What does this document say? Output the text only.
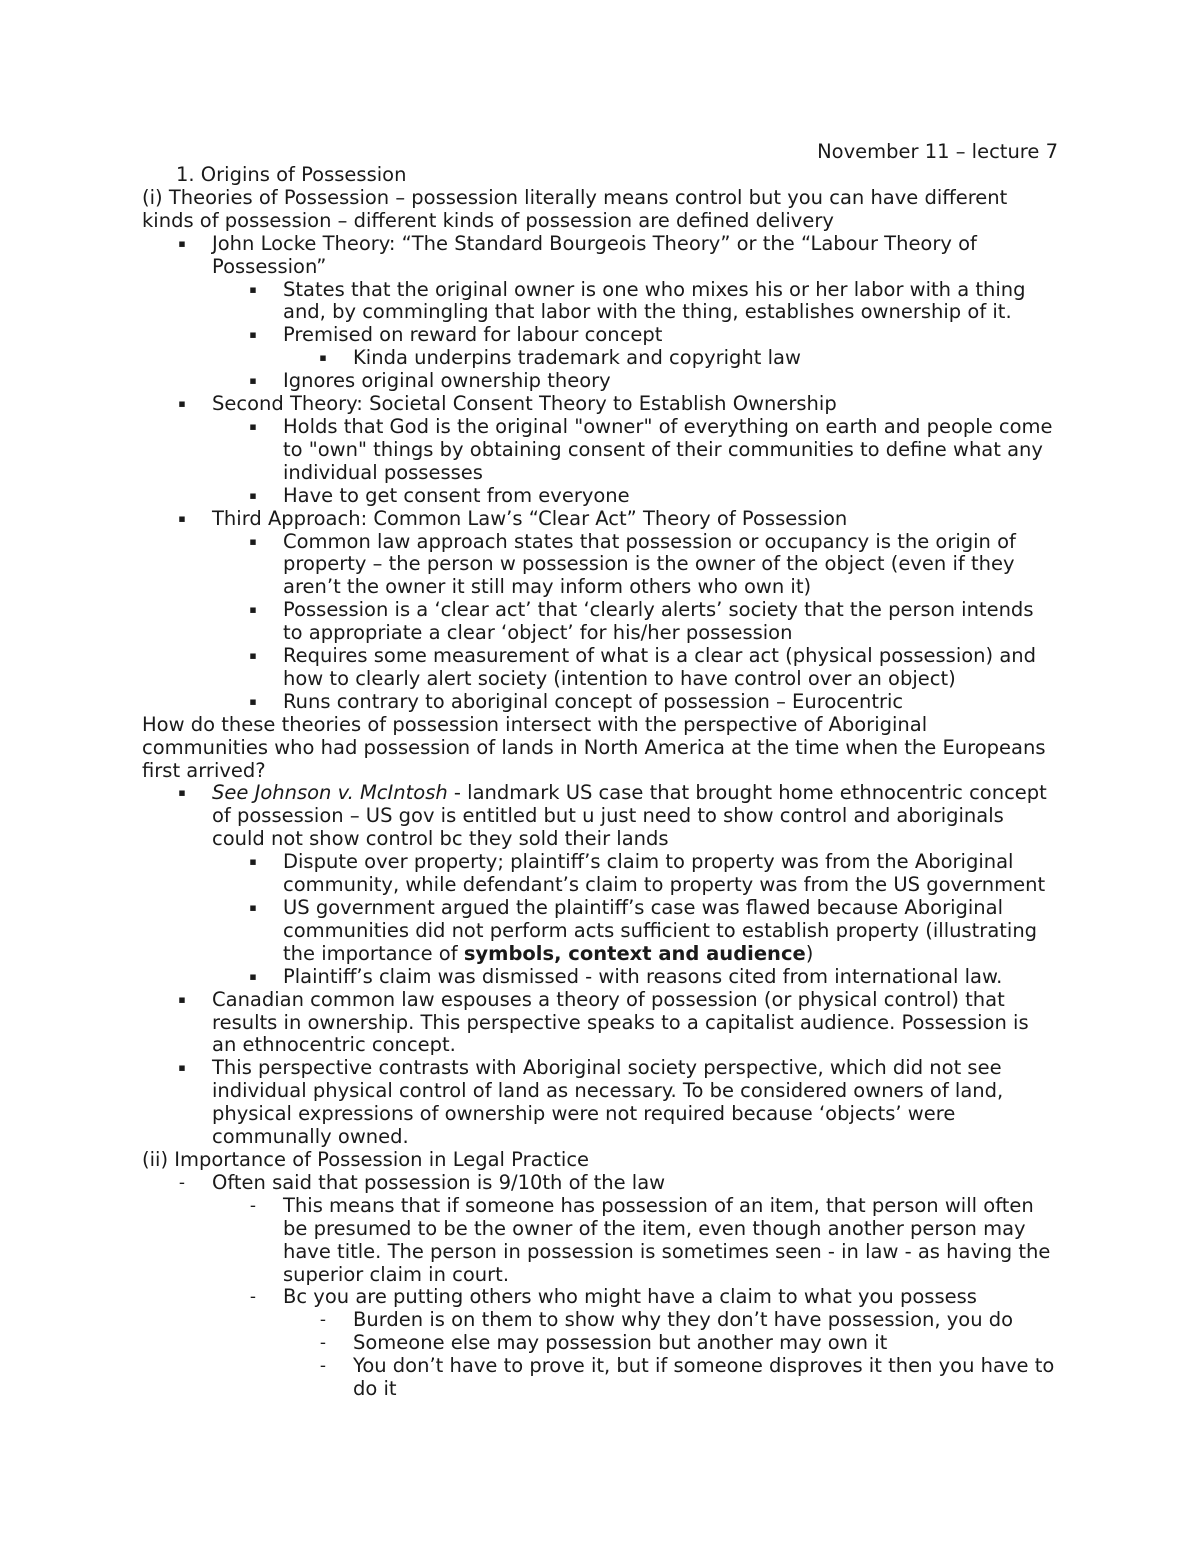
November 11 – lecture 7
1. Origins of Possession
(i) Theories of Possession – possession literally means control but you can have different kinds of possession – different kinds of possession are defined delivery
▪ John Locke Theory: “The Standard Bourgeois Theory” or the “Labour Theory of
Possession”
▪ States that the original owner is one who mixes his or her labor with a thing
and, by commingling that labor with the thing, establishes ownership of it.
▪ Premised on reward for labour concept
▪ Kinda underpins trademark and copyright law
▪ Ignores original ownership theory
▪ Second Theory: Societal Consent Theory to Establish Ownership
▪ Holds that God is the original "owner" of everything on earth and people come
to "own" things by obtaining consent of their communities to define what any
individual possesses
▪ Have to get consent from everyone
▪ Third Approach: Common Law’s “Clear Act” Theory of Possession
▪ Common law approach states that possession or occupancy is the origin of
property – the person w possession is the owner of the object (even if they
aren’t the owner it still may inform others who own it)
▪ Possession is a ‘clear act’ that ‘clearly alerts’ society that the person intends
to appropriate a clear ‘object’ for his/her possession
▪ Requires some measurement of what is a clear act (physical possession) and
how to clearly alert society (intention to have control over an object)
▪ Runs contrary to aboriginal concept of possession – Eurocentric
How do these theories of possession intersect with the perspective of Aboriginal
communities who had possession of lands in North America at the time when the Europeans
first arrived?
▪ See Johnson v. McIntosh - landmark US case that brought home ethnocentric concept
of possession – US gov is entitled but u just need to show control and aboriginals
could not show control bc they sold their lands
▪ Dispute over property; plaintiff’s claim to property was from the Aboriginal
community, while defendant’s claim to property was from the US government
▪ US government argued the plaintiff’s case was flawed because Aboriginal
communities did not perform acts sufficient to establish property (illustrating
the importance of symbols, context and audience)
▪ Plaintiff’s claim was dismissed - with reasons cited from international law.
▪ Canadian common law espouses a theory of possession (or physical control) that
results in ownership. This perspective speaks to a capitalist audience. Possession is
an ethnocentric concept.
▪ This perspective contrasts with Aboriginal society perspective, which did not see
individual physical control of land as necessary. To be considered owners of land,
physical expressions of ownership were not required because ‘objects’ were
communally owned.
(ii) Importance of Possession in Legal Practice
- Often said that possession is 9/10th of the law
- This means that if someone has possession of an item, that person will often
be presumed to be the owner of the item, even though another person may
have title. The person in possession is sometimes seen - in law - as having the
superior claim in court.
- Bc you are putting others who might have a claim to what you possess
- Burden is on them to show why they don’t have possession, you do
- Someone else may possession but another may own it
- You don’t have to prove it, but if someone disproves it then you have to
do it
